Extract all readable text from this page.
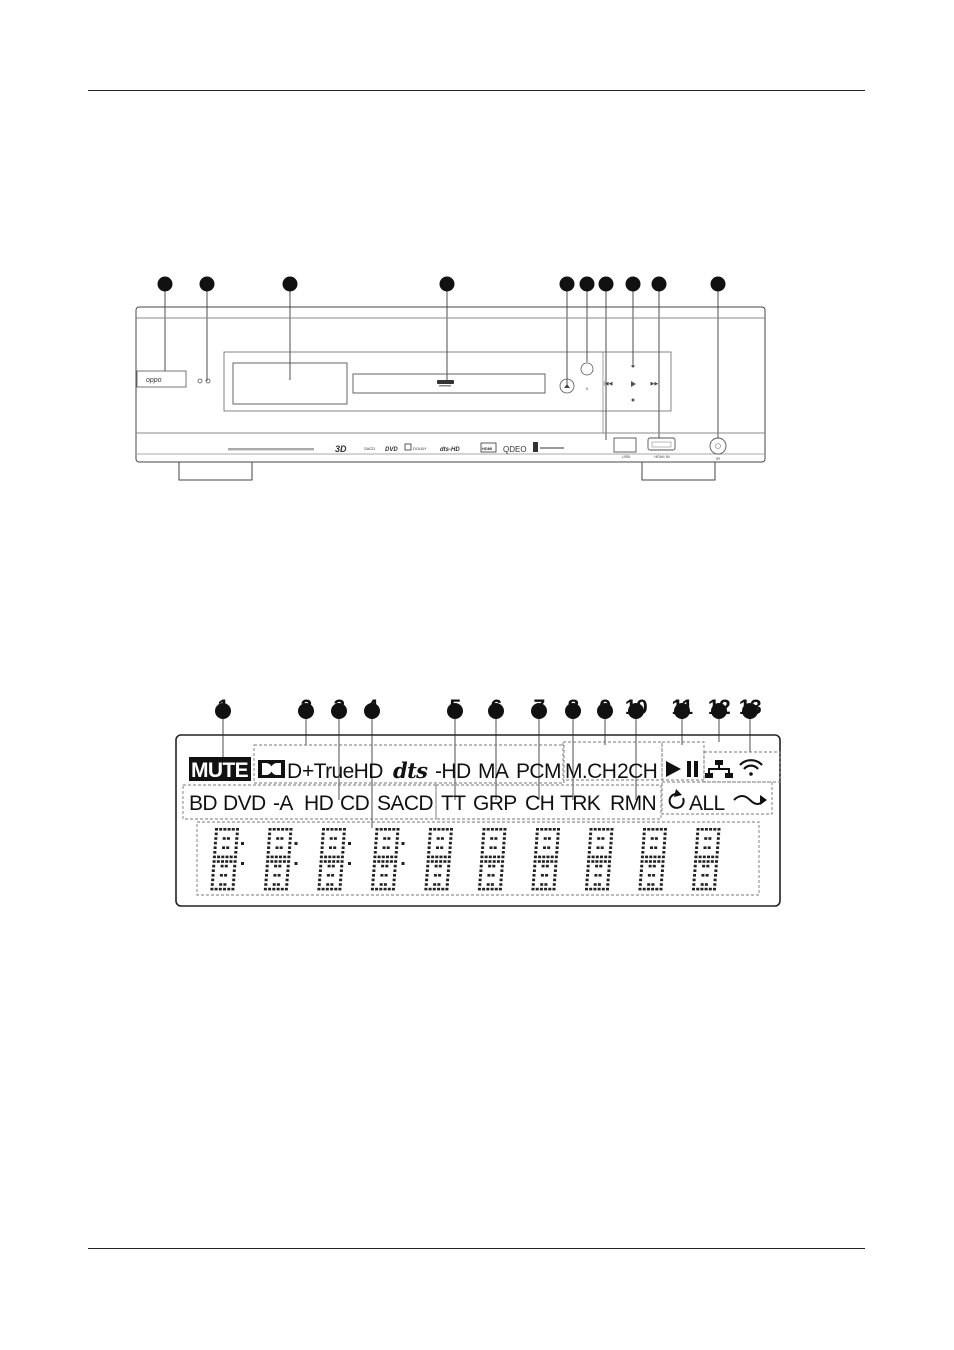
oppo
II
|◀◀	▶▶|
USB	HDMI IN	IR
3D	SACD DVD	DOLBY dts-HD	HDMI QDEO
1	2 3 4	5 6 7 8 9 10 11 12 13
MUTE D +TrueHD dts -HD MA PCM M.CH 2CH
BD DVD -A HD CD SACD TT GRP CH TRK RMN ALL
